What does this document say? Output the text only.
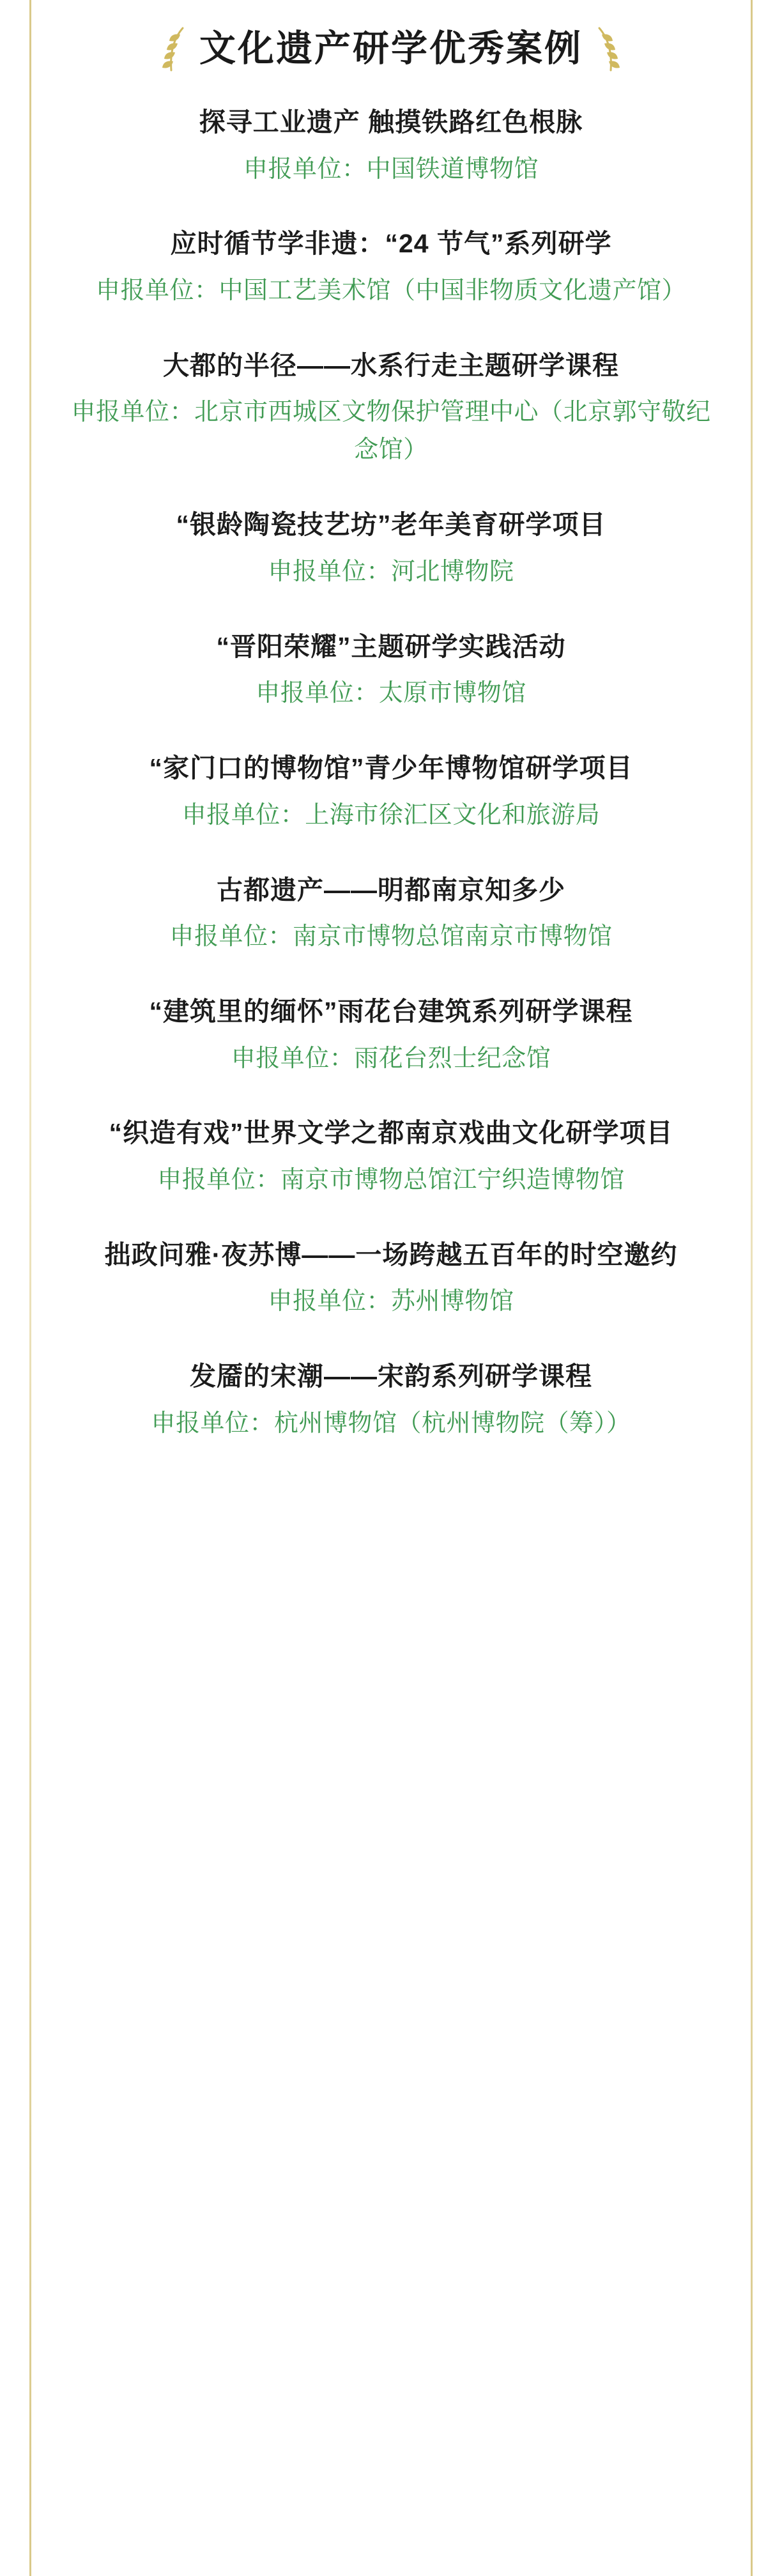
文化遗产研学优秀案例
探寻工业遗产 触摸铁路红色根脉
申报单位：中国铁道博物馆
应时循节学非遗：“24 节气”系列研学
申报单位：中国工艺美术馆（中国非物质文化遗产馆）
大都的半径——水系行走主题研学课程
申报单位：北京市西城区文物保护管理中心（北京郭守敬纪念馆）
“银龄陶瓷技艺坊”老年美育研学项目
申报单位：河北博物院
“晋阳荣耀”主题研学实践活动
申报单位：太原市博物馆
“家门口的博物馆”青少年博物馆研学项目
申报单位：上海市徐汇区文化和旅游局
古都遗产——明都南京知多少
申报单位：南京市博物总馆南京市博物馆
“建筑里的缅怀”雨花台建筑系列研学课程
申报单位：雨花台烈士纪念馆
“织造有戏”世界文学之都南京戏曲文化研学项目
申报单位：南京市博物总馆江宁织造博物馆
拙政问雅·夜苏博——一场跨越五百年的时空邀约
申报单位：苏州博物馆
发靥的宋潮——宋韵系列研学课程
申报单位：杭州博物馆（杭州博物院（筹））
